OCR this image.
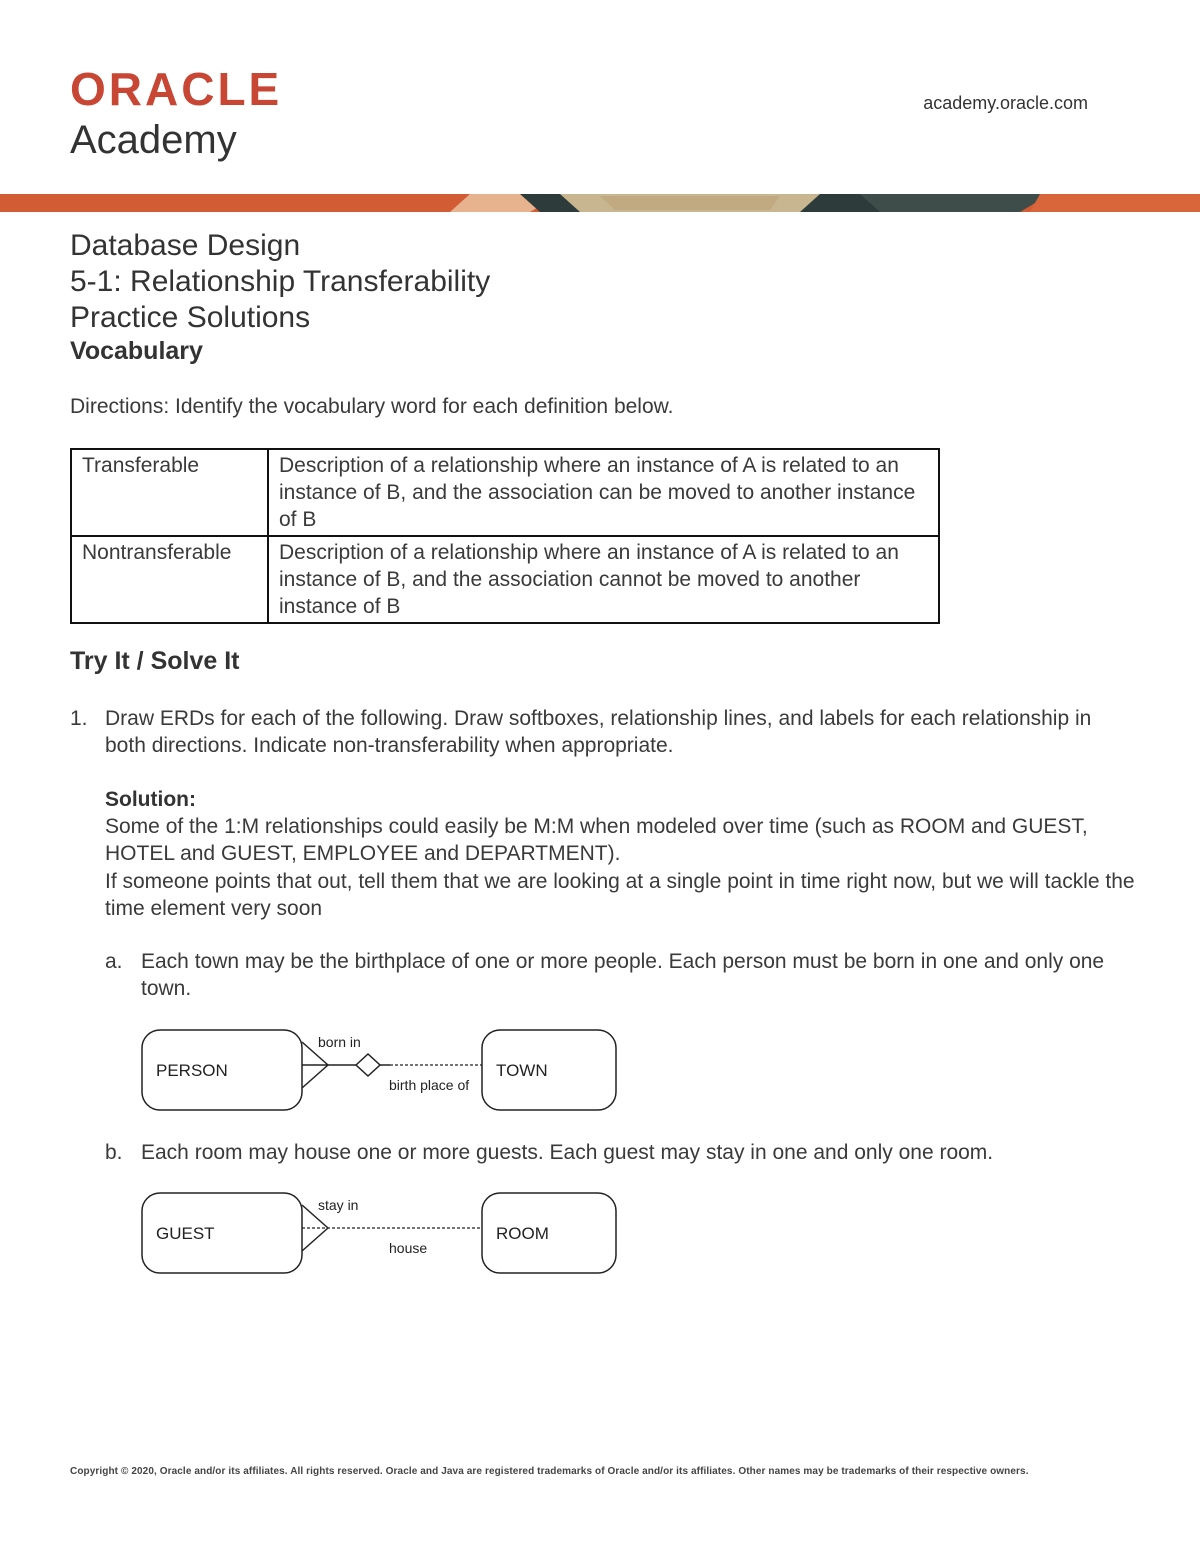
ORACLE
Academy
academy.oracle.com
Database Design
5-1: Relationship Transferability
Practice Solutions
Vocabulary
Directions: Identify the vocabulary word for each definition below.
Transferable	Description of a relationship where an instance of A is related to an instance of B, and the association can be moved to another instance of B
Nontransferable	Description of a relationship where an instance of A is related to an instance of B, and the association cannot be moved to another instance of B
Try It / Solve It
1. Draw ERDs for each of the following. Draw softboxes, relationship lines, and labels for each relationship in both directions. Indicate non-transferability when appropriate.
Solution:
Some of the 1:M relationships could easily be M:M when modeled over time (such as ROOM and GUEST, HOTEL and GUEST, EMPLOYEE and DEPARTMENT).
If someone points that out, tell them that we are looking at a single point in time right now, but we will tackle the time element very soon
a. Each town may be the birthplace of one or more people. Each person must be born in one and only one town.
PERSON	TOWN
born in
birth place of
b. Each room may house one or more guests. Each guest may stay in one and only one room.
GUEST	ROOM
stay in
house
Copyright © 2020, Oracle and/or its affiliates. All rights reserved. Oracle and Java are registered trademarks of Oracle and/or its affiliates. Other names may be trademarks of their respective owners.
